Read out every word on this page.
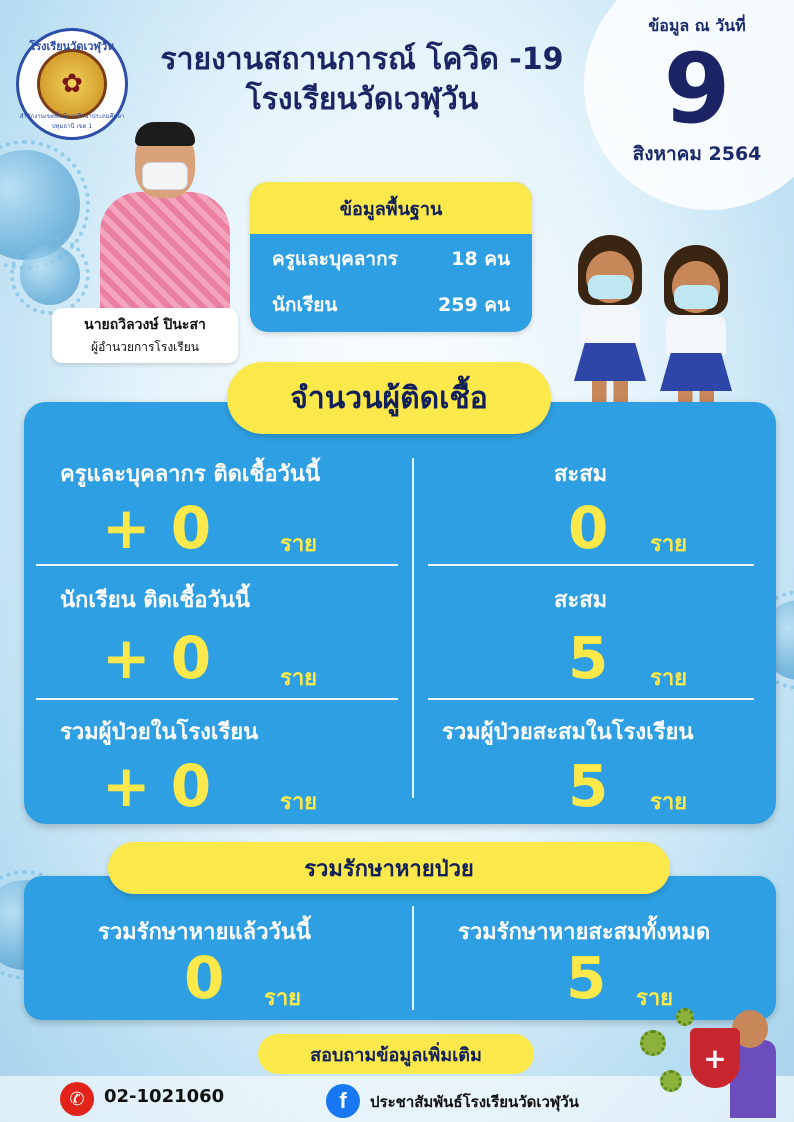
ข้อมูล ณ วันที่
9
สิงหาคม 2564
โรงเรียนวัดเวฬุวัน
✿
สำนักงานเขตพื้นที่การศึกษาประถมศึกษาปทุมธานี เขต 1
รายงานสถานการณ์ โควิด -19
โรงเรียนวัดเวฬุวัน
นายถวิลวงษ์ ปินะสา
ผู้อำนวยการโรงเรียน
ข้อมูลพื้นฐาน
ครูและบุคลากร	18 คน
นักเรียน	259 คน
จำนวนผู้ติดเชื้อ
ครูและบุคลากร ติดเชื้อวันนี้
+ 0	ราย
สะสม
0 ราย
นักเรียน ติดเชื้อวันนี้
+ 0	ราย
สะสม
5 ราย
รวมผู้ป่วยในโรงเรียน
+ 0	ราย
รวมผู้ป่วยสะสมในโรงเรียน
5 ราย
รวมรักษาหายป่วย
รวมรักษาหายแล้ววันนี้
0 ราย
รวมรักษาหายสะสมทั้งหมด
5 ราย
สอบถามข้อมูลเพิ่มเติม
✆	02-1021060	f	ประชาสัมพันธ์โรงเรียนวัดเวฬุวัน
+
